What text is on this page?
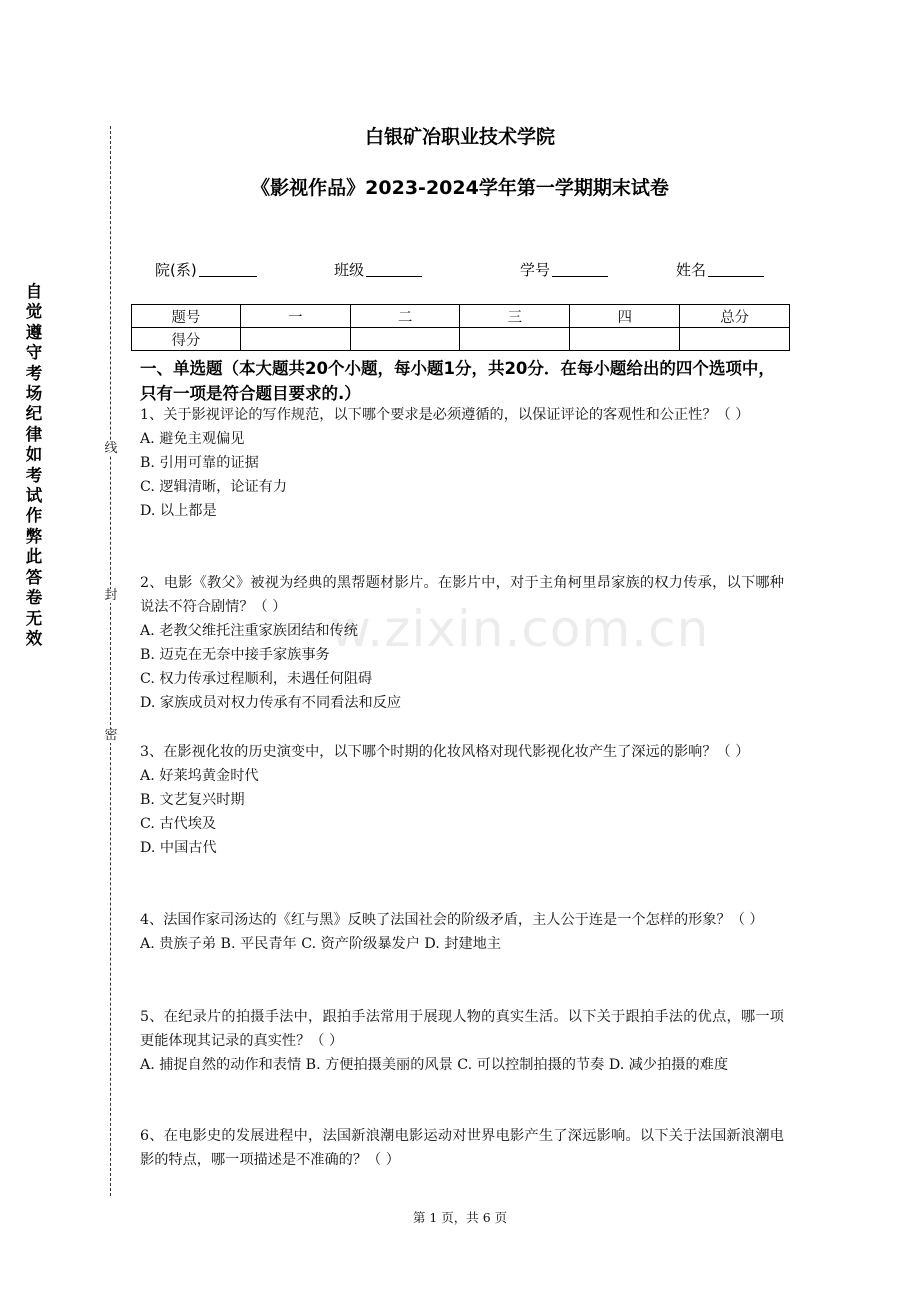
自觉遵守考场纪律如考试作弊此答卷无效
线
封
密
白银矿冶职业技术学院
《影视作品》2023-2024学年第一学期期末试卷
院(系)	班级	学号	姓名
题号	一	二	三	四	总分
得分					
一、单选题（本大题共20个小题，每小题1分，共20分．在每小题给出的四个选项中，只有一项是符合题目要求的.）
1、关于影视评论的写作规范，以下哪个要求是必须遵循的，以保证评论的客观性和公正性？（ ）
A. 避免主观偏见
B. 引用可靠的证据
C. 逻辑清晰，论证有力
D. 以上都是
2、电影《教父》被视为经典的黑帮题材影片。在影片中，对于主角柯里昂家族的权力传承，以下哪种说法不符合剧情？（ ）
A. 老教父维托注重家族团结和传统
B. 迈克在无奈中接手家族事务
C. 权力传承过程顺利，未遇任何阻碍
D. 家族成员对权力传承有不同看法和反应
3、在影视化妆的历史演变中，以下哪个时期的化妆风格对现代影视化妆产生了深远的影响？（ ）
A. 好莱坞黄金时代
B. 文艺复兴时期
C. 古代埃及
D. 中国古代
4、法国作家司汤达的《红与黑》反映了法国社会的阶级矛盾，主人公于连是一个怎样的形象？（ ）
A. 贵族子弟 B. 平民青年 C. 资产阶级暴发户 D. 封建地主
5、在纪录片的拍摄手法中，跟拍手法常用于展现人物的真实生活。以下关于跟拍手法的优点，哪一项更能体现其记录的真实性？（ ）
A. 捕捉自然的动作和表情 B. 方便拍摄美丽的风景 C. 可以控制拍摄的节奏 D. 减少拍摄的难度
6、在电影史的发展进程中，法国新浪潮电影运动对世界电影产生了深远影响。以下关于法国新浪潮电影的特点，哪一项描述是不准确的？（ ）
w.zixin.com.cn
第 1 页，共 6 页
